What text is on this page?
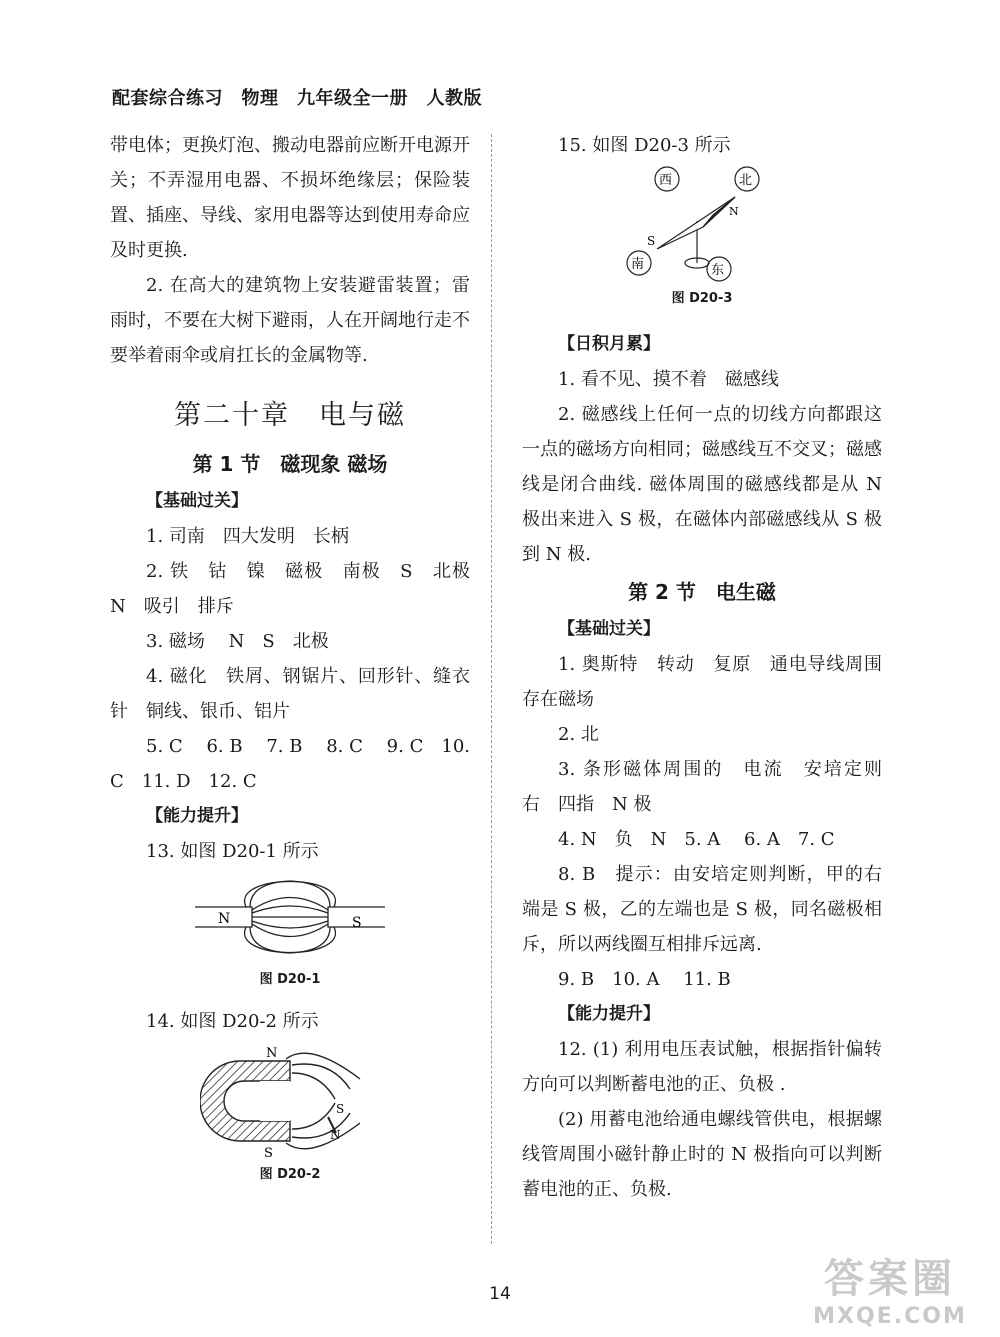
配套综合练习　物理　九年级全一册　人教版

带电体；更换灯泡、搬动电器前应断开电源开关；不弄湿用电器、不损坏绝缘层；保险装置、插座、导线、家用电器等达到使用寿命应及时更换.

2. 在高大的建筑物上安装避雷装置；雷雨时，不要在大树下避雨，人在开阔地行走不要举着雨伞或肩扛长的金属物等.

第二十章　电与磁
第 1 节　磁现象 磁场
【基础过关】

1. 司南　四大发明　长柄

2. 铁　钴　镍　磁极　南极　S　北极　N　吸引　排斥

3. 磁场　 N　S　北极

4. 磁化　铁屑、钢锯片、回形针、缝衣针　铜线、银币、铝片

5. C　 6. B　 7. B　 8. C　 9. C　10. C　11. D　12. C

【能力提升】

13. 如图 D20-1 所示

N	S
图 D20-1

14. 如图 D20-2 所示

N
S
S
N
图 D20-2

15. 如图 D20-3 所示

西	北
南	东
N
S
图 D20-3
【日积月累】

1. 看不见、摸不着　磁感线

2. 磁感线上任何一点的切线方向都跟这一点的磁场方向相同；磁感线互不交叉；磁感线是闭合曲线. 磁体周围的磁感线都是从 N 极出来进入 S 极，在磁体内部磁感线从 S 极到 N 极.

第 2 节　电生磁
【基础过关】

1. 奥斯特　转动　复原　通电导线周围存在磁场

2. 北

3. 条形磁体周围的　电流　安培定则　右　四指　N 极

4. N　负　N　5. A　 6. A　7. C

8. B　提示：由安培定则判断，甲的右端是 S 极，乙的左端也是 S 极，同名磁极相斥，所以两线圈互相排斥远离.

9. B　10. A　 11. B

【能力提升】

12. (1) 利用电压表试触，根据指针偏转方向可以判断蓄电池的正、负极 .

(2) 用蓄电池给通电螺线管供电，根据螺线管周围小磁针静止时的 N 极指向可以判断蓄电池的正、负极.

14	答案圈
MXQE.COM
